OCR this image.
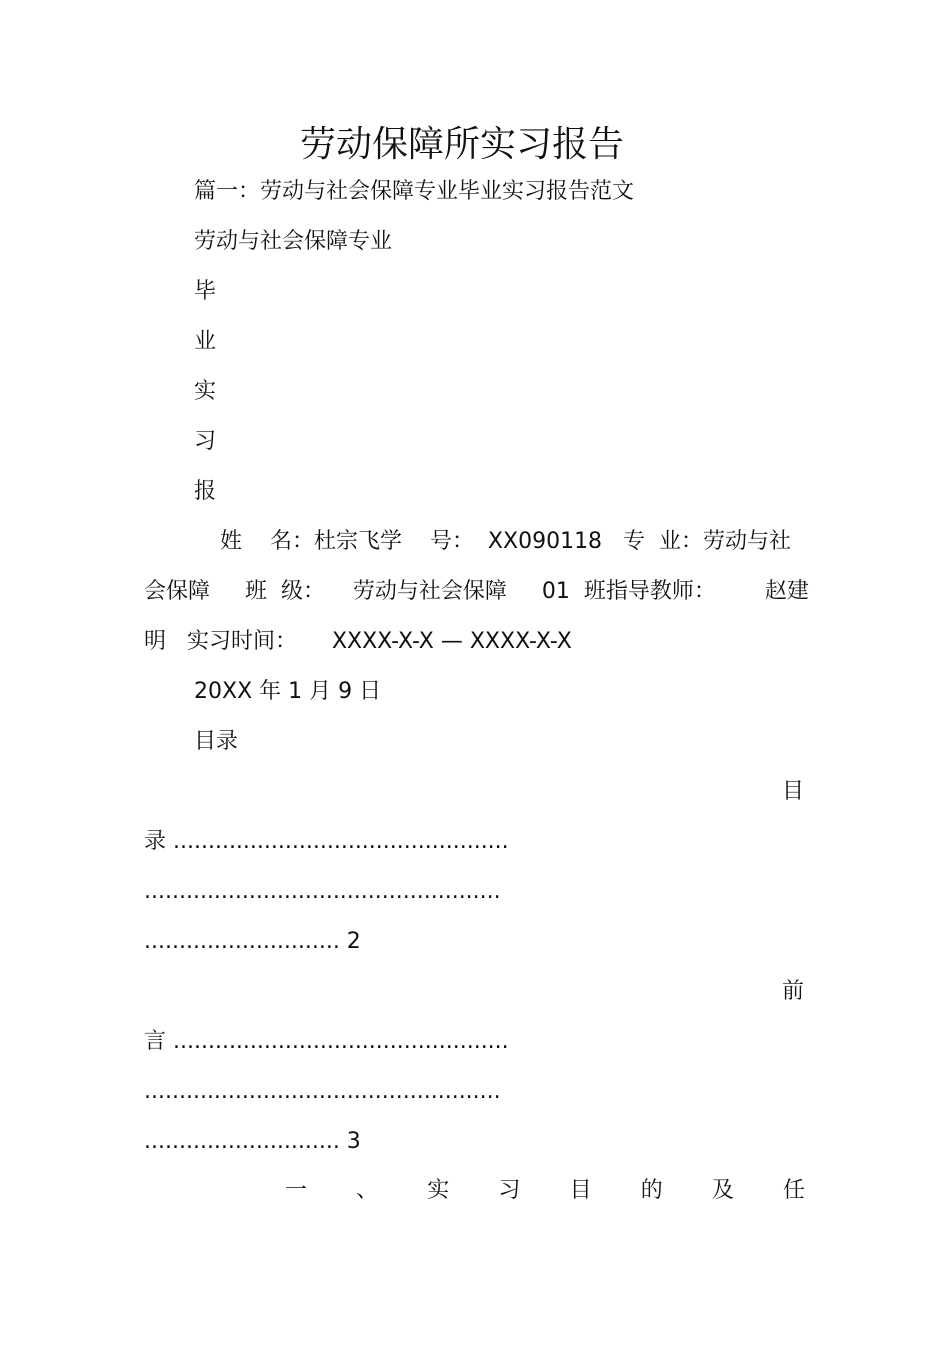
劳动保障所实习报告
篇一：劳动与社会保障专业毕业实习报告范文
劳动与社会保障专业
毕
业
实
习
报
姓    名：杜宗飞学    号：  XX090118   专  业：劳动与社
会保障     班  级：    劳动与社会保障     01  班指导教师：       赵建
明   实习时间：     XXXX-X-X — XXXX-X-X
20XX 年 1 月 9 日
目录
目
录 ................................................
...................................................
............................ 2
前
言 ................................................
...................................................
............................ 3
一 、 实 习 目 的 及 任
